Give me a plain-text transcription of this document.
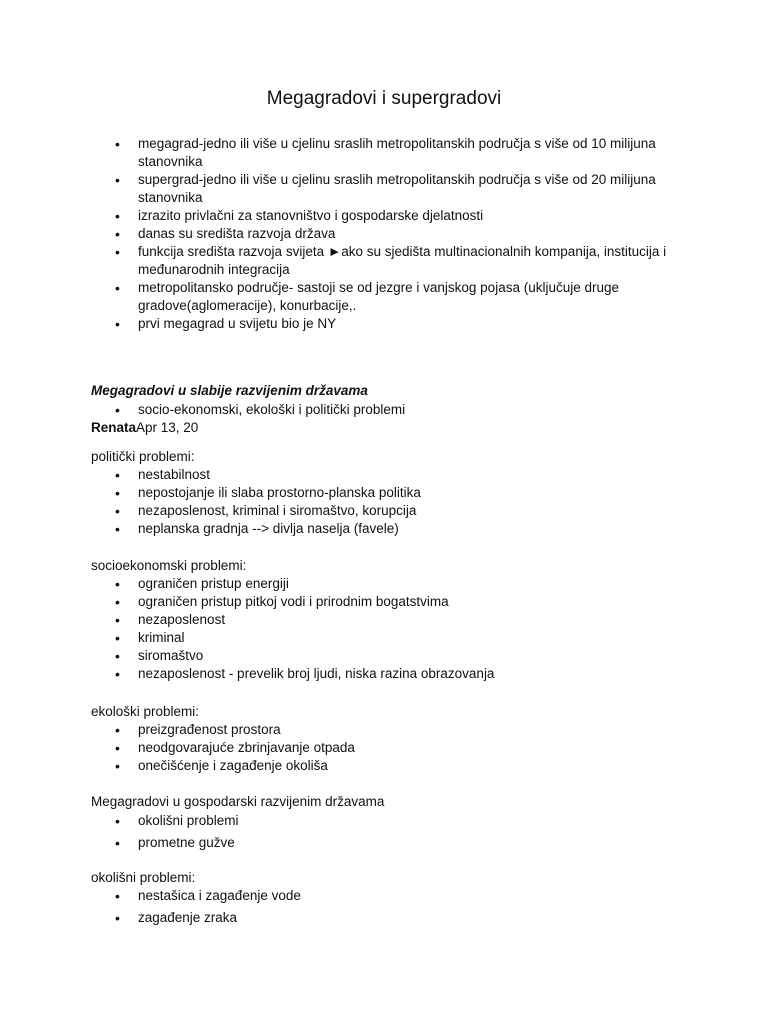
Megagradovi i supergradovi
• megagrad-jedno ili više u cjelinu sraslih metropolitanskih područja s više od 10 milijuna stanovnika
• supergrad-jedno ili više u cjelinu sraslih metropolitanskih područja s više od 20 milijuna stanovnika
• izrazito privlačni za stanovništvo i gospodarske djelatnosti
• danas su središta razvoja država
• funkcija središta razvoja svijeta ►ako su sjedišta multinacionalnih kompanija, institucija i međunarodnih integracija
• metropolitansko područje- sastoji se od jezgre i vanjskog pojasa (uključuje druge gradove(aglomeracije), konurbacije,.
• prvi megagrad u svijetu bio je NY
Megagradovi u slabije razvijenim državama
• socio-ekonomski, ekološki i politički problemi
RenataApr 13, 20
politički problemi:
• nestabilnost
• nepostojanje ili slaba prostorno-planska politika
• nezaposlenost, kriminal i siromaštvo, korupcija
• neplanska gradnja --> divlja naselja (favele)
socioekonomski problemi:
• ograničen pristup energiji
• ograničen pristup pitkoj vodi i prirodnim bogatstvima
• nezaposlenost
• kriminal
• siromaštvo
• nezaposlenost - prevelik broj ljudi, niska razina obrazovanja
ekološki problemi:
• preizgrađenost prostora
• neodgovarajuće zbrinjavanje otpada
• onečišćenje i zagađenje okoliša
Megagradovi u gospodarski razvijenim državama
• okolišni problemi
• prometne gužve
okolišni problemi:
• nestašica i zagađenje vode
• zagađenje zraka
